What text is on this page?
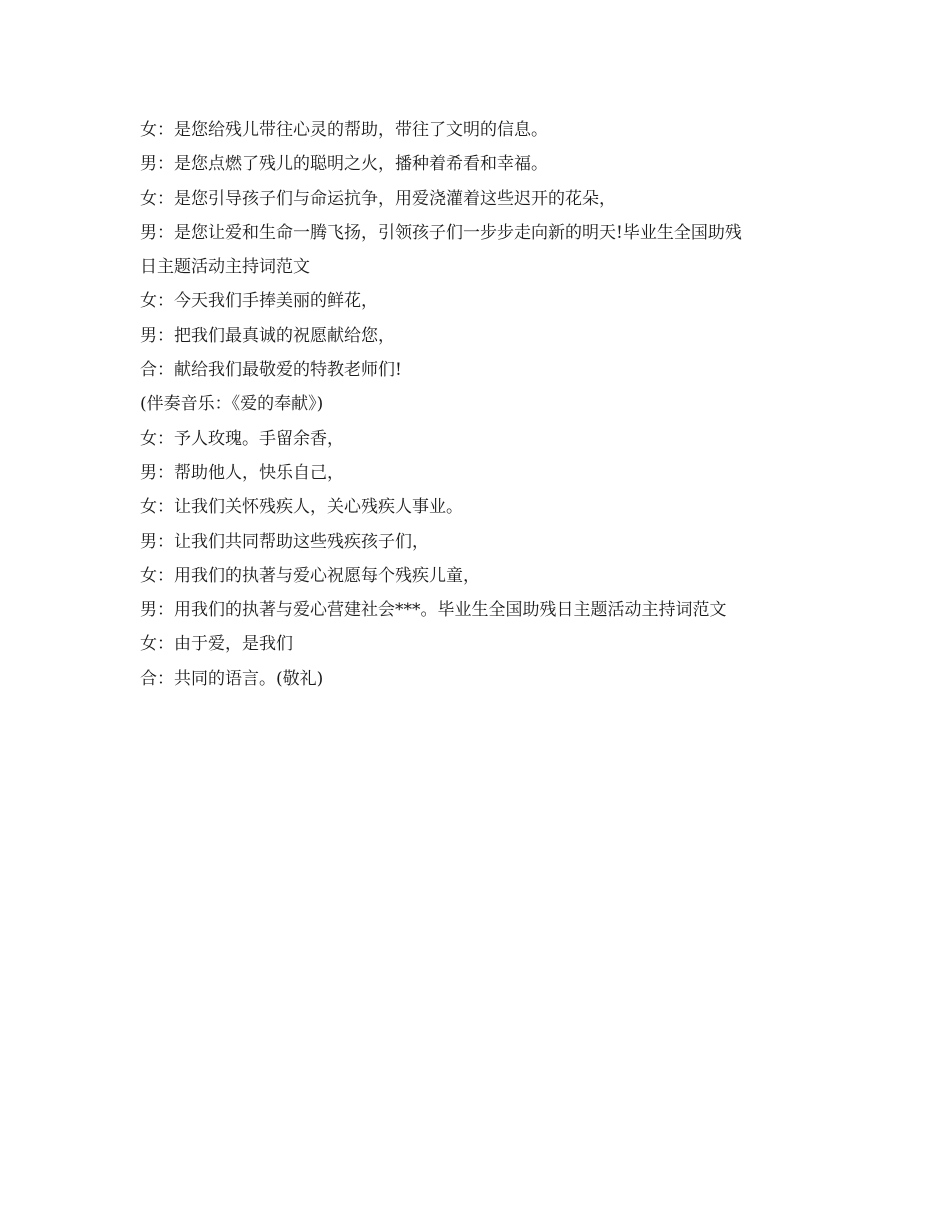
女：是您给残儿带往心灵的帮助，带往了文明的信息。
男：是您点燃了残儿的聪明之火，播种着希看和幸福。
女：是您引导孩子们与命运抗争，用爱浇灌着这些迟开的花朵，
男：是您让爱和生命一腾飞扬，引领孩子们一步步走向新的明天!毕业生全国助残
日主题活动主持词范文
女：今天我们手捧美丽的鲜花，
男：把我们最真诚的祝愿献给您，
合：献给我们最敬爱的特教老师们!
(伴奏音乐：《爱的奉献》)
女：予人玫瑰。手留余香，
男：帮助他人，快乐自己，
女：让我们关怀残疾人，关心残疾人事业。
男：让我们共同帮助这些残疾孩子们，
女：用我们的执著与爱心祝愿每个残疾儿童，
男：用我们的执著与爱心营建社会***。毕业生全国助残日主题活动主持词范文
女：由于爱，是我们
合：共同的语言。(敬礼)
